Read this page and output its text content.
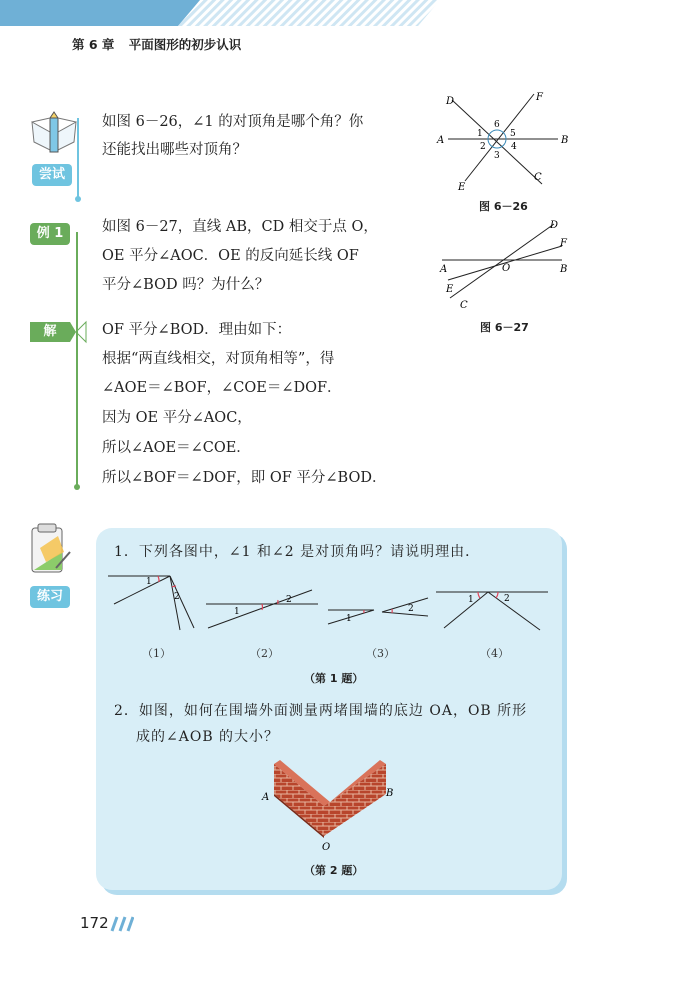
第 6 章 平面图形的初步认识
尝试
如图 6－26，∠1 的对顶角是哪个角？你
还能找出哪些对顶角？
A	B
C
D
E
F
1
2
3
4
5
6
图 6－26
例 1	如图 6－27，直线 AB，CD 相交于点 O，
OE 平分∠AOC．OE 的反向延长线 OF
平分∠BOD 吗？为什么？
A	B
C
D
E
F
O
图 6－27
解	OF 平分∠BOD．理由如下：
根据“两直线相交，对顶角相等”，得
∠AOE＝∠BOF，∠COE＝∠DOF．
因为 OE 平分∠AOC，
所以∠AOE＝∠COE．
所以∠BOF＝∠DOF，即 OF 平分∠BOD．
练习
1．下列各图中，∠1 和∠2 是对顶角吗？请说明理由．
1
2
1
2
1
2
1	2
（1）	（2）	（3）	（4）
（第 1 题）
2．如图，如何在围墙外面测量两堵围墙的底边 OA，OB 所形
成的∠AOB 的大小？
A	B
O
（第 2 题）
172
